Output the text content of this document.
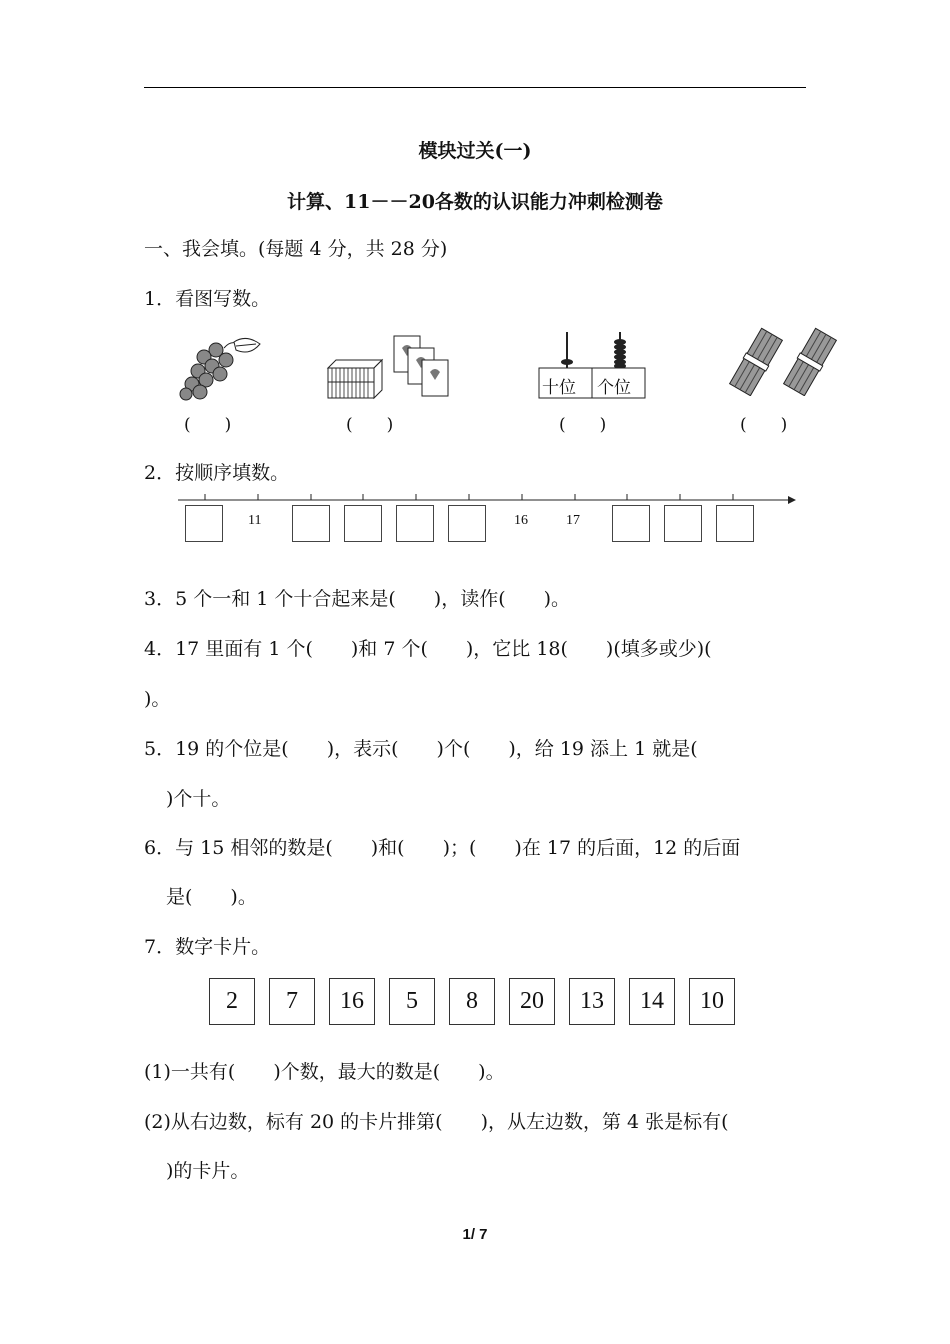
模块过关(一)
计算、11－－20各数的认识能力冲刺检测卷
一、我会填。(每题 4 分，共 28 分)
1．看图写数。
(　　)	(　　)
十位 个位
(　　)	(　　)
2．按顺序填数。
11	16	17
3．5 个一和 1 个十合起来是(　　)，读作(　　)。
4．17 里面有 1 个(　　)和 7 个(　　)，它比 18(　　)(填多或少)(
)。
5．19 的个位是(　　)，表示(　　)个(　　)，给 19 添上 1 就是(
)个十。
6．与 15 相邻的数是(　　)和(　　)；(　　)在 17 的后面，12 的后面
是(　　)。
7．数字卡片。
2	7	16	5	8	20	13	14	10
(1)一共有(　　)个数，最大的数是(　　)。
(2)从右边数，标有 20 的卡片排第(　　)，从左边数，第 4 张是标有(
)的卡片。
1/ 7
